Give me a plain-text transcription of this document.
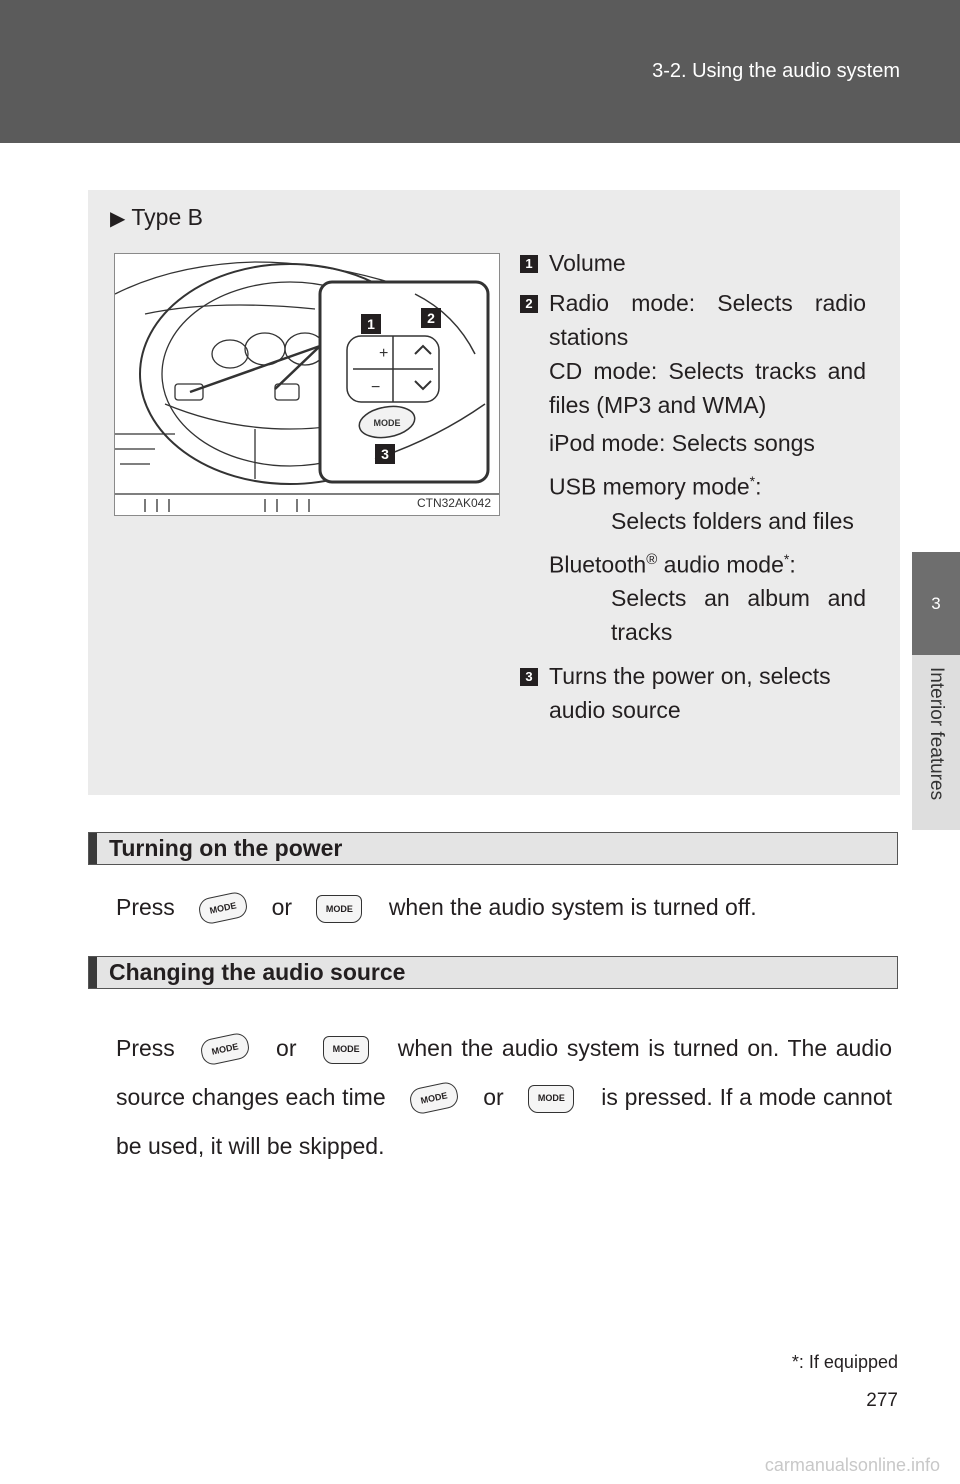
3-2. Using the audio system
3
Interior features
▶ Type B
+
−
MODE
1	2
3
CTN32AK042
1 Volume
2 Radio mode: Selects radio stations
CD mode: Selects tracks and files (MP3 and WMA)
iPod mode: Selects songs
USB memory mode*:
Selects folders and files
Bluetooth® audio mode*:
Selects an album and tracks
3 Turns the power on, selects audio source
Turning on the power

Press	MODE or	MODE when the audio system is turned off.

Changing the audio source

Press	MODE or	MODE when the audio system is turned on. The audio source changes each time	MODE or	MODE is pressed. If a mode cannot be used, it will be skipped.

*: If equipped
277
carmanualsonline.info
